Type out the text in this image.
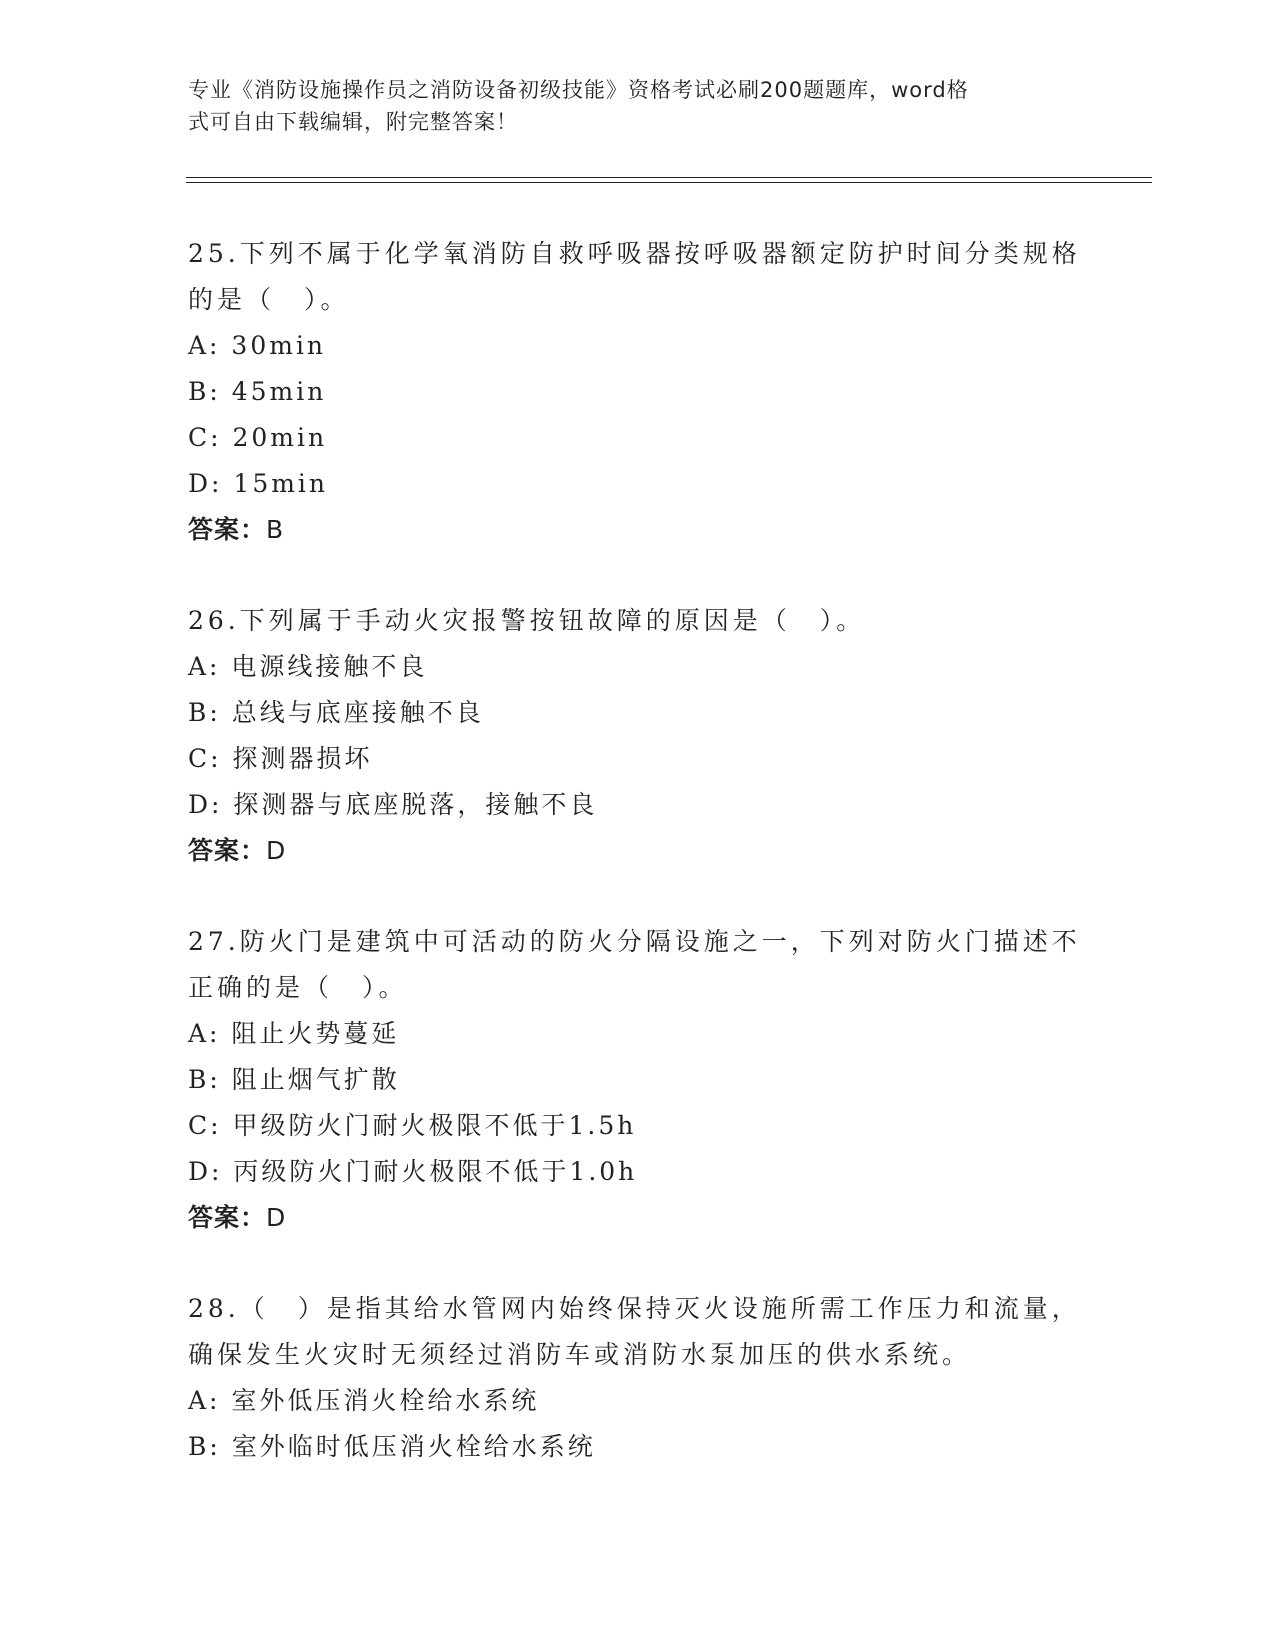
专业《消防设施操作员之消防设备初级技能》资格考试必刷200题题库，word格
式可自由下载编辑，附完整答案！

25.下列不属于化学氧消防自救呼吸器按呼吸器额定防护时间分类规格

的是（　）。

A: 30min

B: 45min

C: 20min

D: 15min

答案：B

26.下列属于手动火灾报警按钮故障的原因是（　）。

A: 电源线接触不良

B: 总线与底座接触不良

C: 探测器损坏

D: 探测器与底座脱落，接触不良

答案：D

27.防火门是建筑中可活动的防火分隔设施之一，下列对防火门描述不

正确的是（　）。

A: 阻止火势蔓延

B: 阻止烟气扩散

C: 甲级防火门耐火极限不低于1.5h

D: 丙级防火门耐火极限不低于1.0h

答案：D

28.（　）是指其给水管网内始终保持灭火设施所需工作压力和流量，

确保发生火灾时无须经过消防车或消防水泵加压的供水系统。

A: 室外低压消火栓给水系统

B: 室外临时低压消火栓给水系统
